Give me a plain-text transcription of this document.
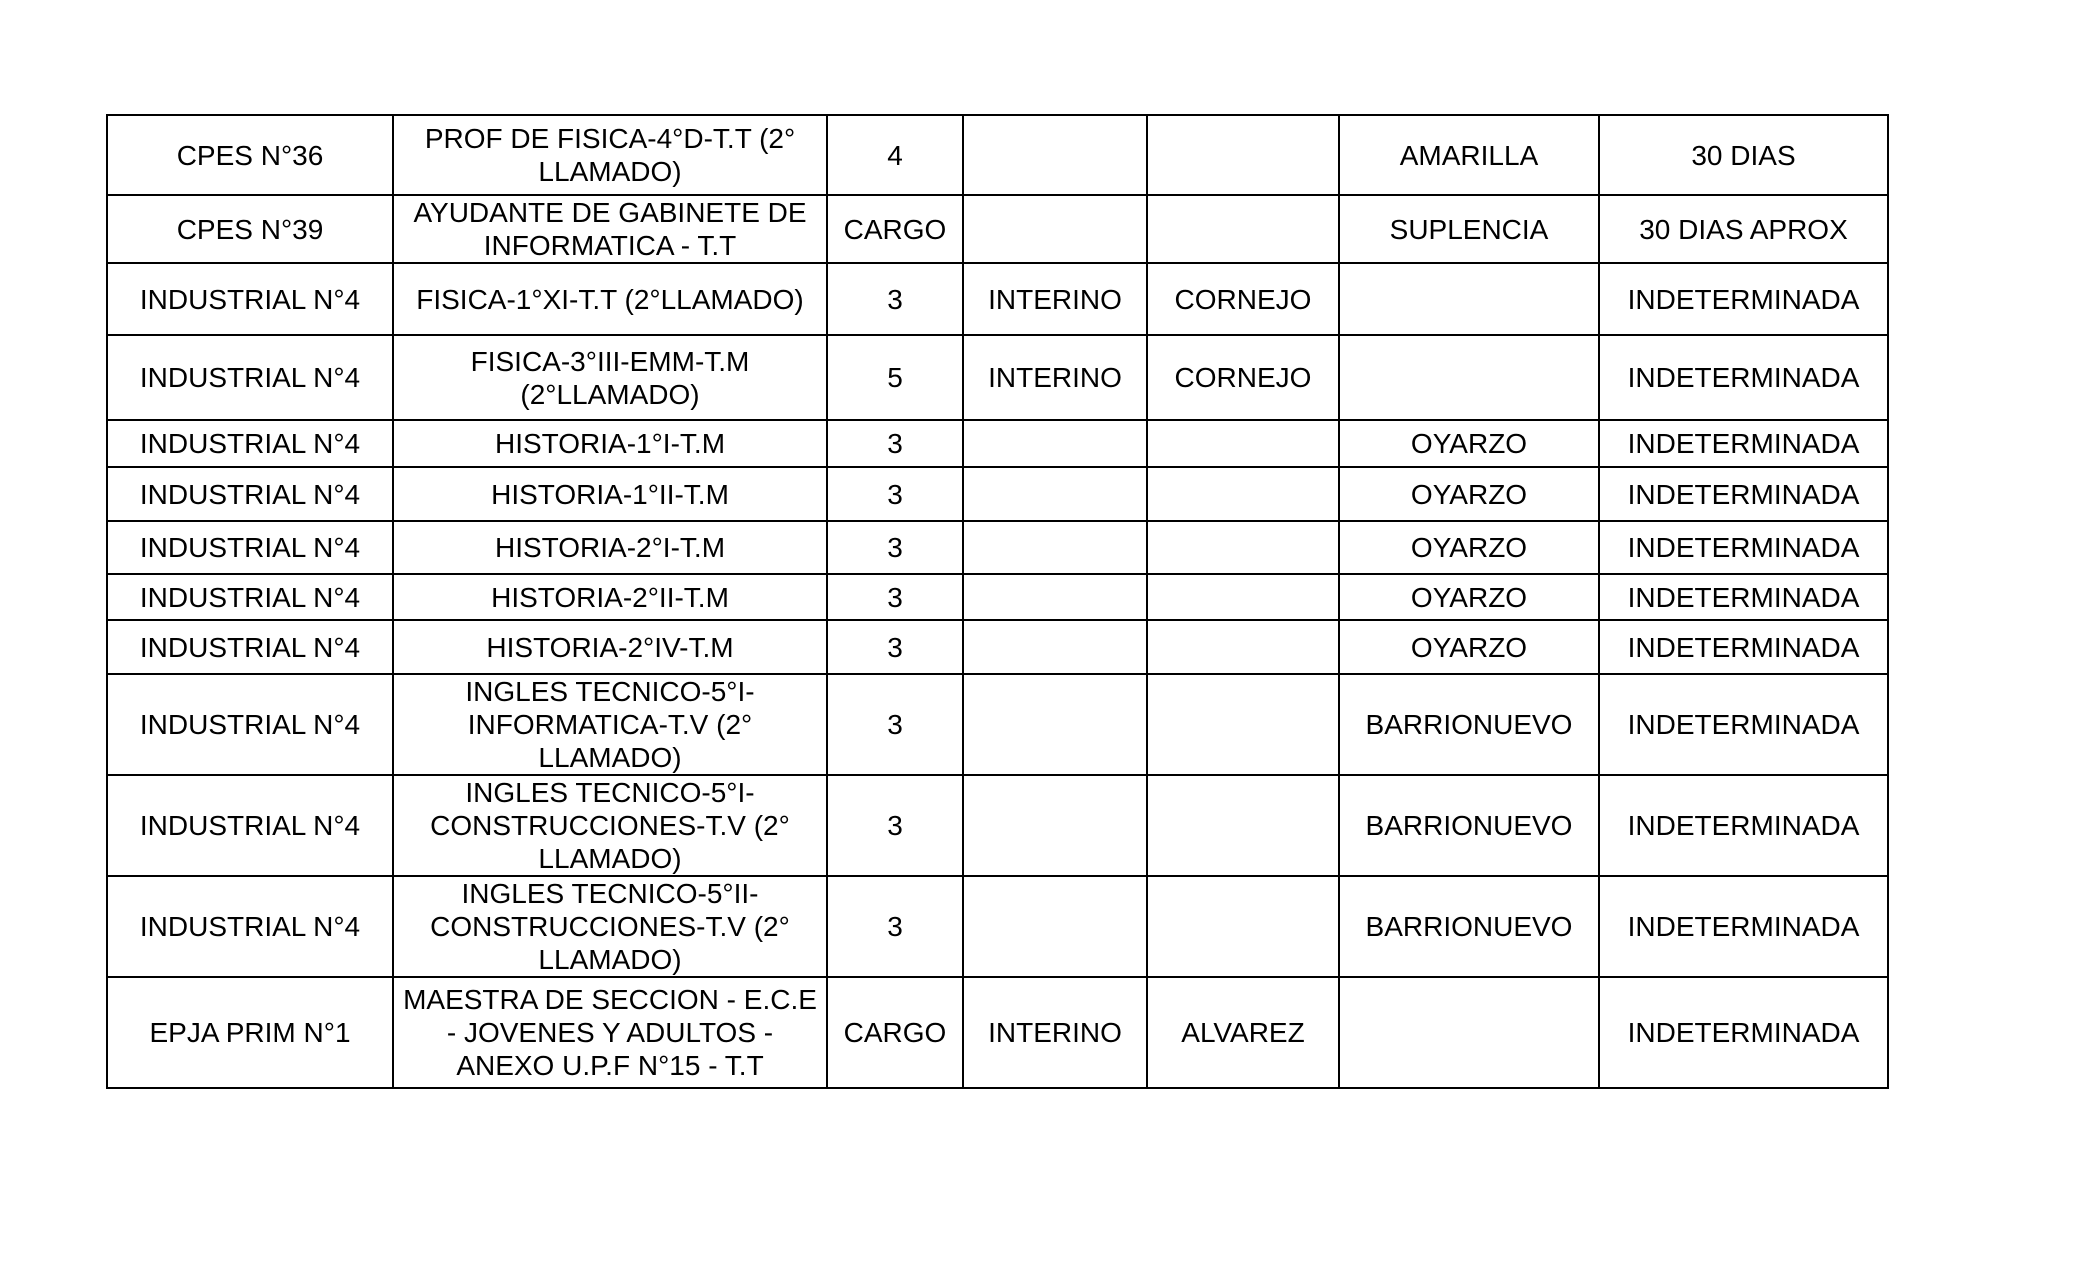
CPES N°36	PROF DE FISICA-4°D-T.T (2° LLAMADO)	4			AMARILLA	30 DIAS
CPES N°39	AYUDANTE DE GABINETE DE INFORMATICA - T.T	CARGO			SUPLENCIA	30 DIAS APROX
INDUSTRIAL N°4	FISICA-1°XI-T.T (2°LLAMADO)	3	INTERINO	CORNEJO		INDETERMINADA
INDUSTRIAL N°4	FISICA-3°III-EMM-T.M (2°LLAMADO)	5	INTERINO	CORNEJO		INDETERMINADA
INDUSTRIAL N°4	HISTORIA-1°I-T.M	3			OYARZO	INDETERMINADA
INDUSTRIAL N°4	HISTORIA-1°II-T.M	3			OYARZO	INDETERMINADA
INDUSTRIAL N°4	HISTORIA-2°I-T.M	3			OYARZO	INDETERMINADA
INDUSTRIAL N°4	HISTORIA-2°II-T.M	3			OYARZO	INDETERMINADA
INDUSTRIAL N°4	HISTORIA-2°IV-T.M	3			OYARZO	INDETERMINADA
INDUSTRIAL N°4	INGLES TECNICO-5°I-INFORMATICA-T.V (2° LLAMADO)	3			BARRIONUEVO	INDETERMINADA
INDUSTRIAL N°4	INGLES TECNICO-5°I-CONSTRUCCIONES-T.V (2° LLAMADO)	3			BARRIONUEVO	INDETERMINADA
INDUSTRIAL N°4	INGLES TECNICO-5°II-CONSTRUCCIONES-T.V (2° LLAMADO)	3			BARRIONUEVO	INDETERMINADA
EPJA PRIM N°1	MAESTRA DE SECCION - E.C.E - JOVENES Y ADULTOS - ANEXO U.P.F N°15 - T.T	CARGO	INTERINO	ALVAREZ		INDETERMINADA
